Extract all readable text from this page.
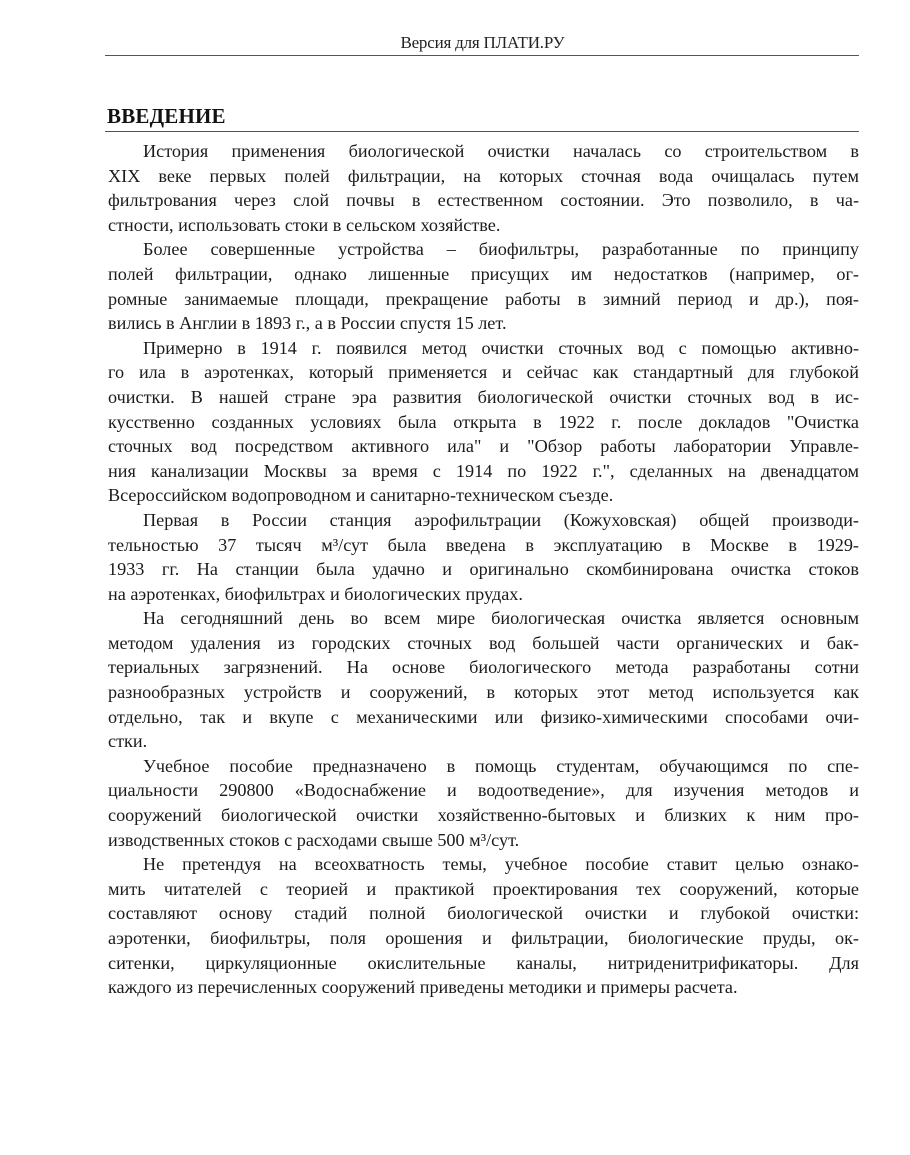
Версия для ПЛАТИ.РУ
ВВЕДЕНИЕ
История применения биологической очистки началась со строительством в
XIX веке первых полей фильтрации, на которых сточная вода очищалась путем
фильтрования через слой почвы в естественном состоянии. Это позволило, в ча-
стности, использовать стоки в сельском хозяйстве.
Более совершенные устройства – биофильтры, разработанные по принципу
полей фильтрации, однако лишенные присущих им недостатков (например, ог-
ромные занимаемые площади, прекращение работы в зимний период и др.), поя-
вились в Англии в 1893 г., а в России спустя 15 лет.
Примерно в 1914 г. появился метод очистки сточных вод с помощью активно-
го ила в аэротенках, который применяется и сейчас как стандартный для глубокой
очистки. В нашей стране эра развития биологической очистки сточных вод в ис-
кусственно созданных условиях была открыта в 1922 г. после докладов "Очистка
сточных вод посредством активного ила" и "Обзор работы лаборатории Управле-
ния канализации Москвы за время с 1914 по 1922 г.", сделанных на двенадцатом
Всероссийском водопроводном и санитарно-техническом съезде.
Первая в России станция аэрофильтрации (Кожуховская) общей производи-
тельностью 37 тысяч м³/сут была введена в эксплуатацию в Москве в 1929-
1933 гг. На станции была удачно и оригинально скомбинирована очистка стоков
на аэротенках, биофильтрах и биологических прудах.
На сегодняшний день во всем мире биологическая очистка является основным
методом удаления из городских сточных вод большей части органических и бак-
териальных загрязнений. На основе биологического метода разработаны сотни
разнообразных устройств и сооружений, в которых этот метод используется как
отдельно, так и вкупе с механическими или физико-химическими способами очи-
стки.
Учебное пособие предназначено в помощь студентам, обучающимся по спе-
циальности 290800 «Водоснабжение и водоотведение», для изучения методов и
сооружений биологической очистки хозяйственно-бытовых и близких к ним про-
изводственных стоков с расходами свыше 500 м³/сут.
Не претендуя на всеохватность темы, учебное пособие ставит целью ознако-
мить читателей с теорией и практикой проектирования тех сооружений, которые
составляют основу стадий полной биологической очистки и глубокой очистки:
аэротенки, биофильтры, поля орошения и фильтрации, биологические пруды, ок-
ситенки, циркуляционные окислительные каналы, нитриденитрификаторы. Для
каждого из перечисленных сооружений приведены методики и примеры расчета.
